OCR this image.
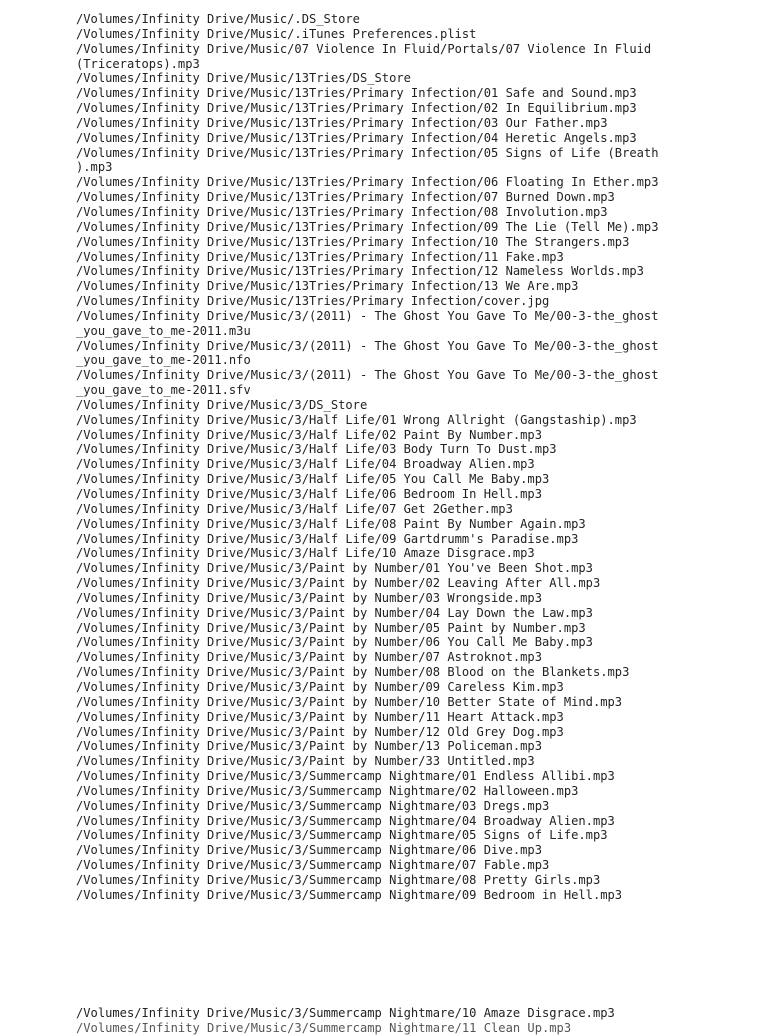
/Volumes/Infinity Drive/Music/.DS_Store
/Volumes/Infinity Drive/Music/.iTunes Preferences.plist
/Volumes/Infinity Drive/Music/07 Violence In Fluid/Portals/07 Violence In Fluid
(Triceratops).mp3
/Volumes/Infinity Drive/Music/13Tries/DS_Store
/Volumes/Infinity Drive/Music/13Tries/Primary Infection/01 Safe and Sound.mp3
/Volumes/Infinity Drive/Music/13Tries/Primary Infection/02 In Equilibrium.mp3
/Volumes/Infinity Drive/Music/13Tries/Primary Infection/03 Our Father.mp3
/Volumes/Infinity Drive/Music/13Tries/Primary Infection/04 Heretic Angels.mp3
/Volumes/Infinity Drive/Music/13Tries/Primary Infection/05 Signs of Life (Breath
).mp3
/Volumes/Infinity Drive/Music/13Tries/Primary Infection/06 Floating In Ether.mp3
/Volumes/Infinity Drive/Music/13Tries/Primary Infection/07 Burned Down.mp3
/Volumes/Infinity Drive/Music/13Tries/Primary Infection/08 Involution.mp3
/Volumes/Infinity Drive/Music/13Tries/Primary Infection/09 The Lie (Tell Me).mp3
/Volumes/Infinity Drive/Music/13Tries/Primary Infection/10 The Strangers.mp3
/Volumes/Infinity Drive/Music/13Tries/Primary Infection/11 Fake.mp3
/Volumes/Infinity Drive/Music/13Tries/Primary Infection/12 Nameless Worlds.mp3
/Volumes/Infinity Drive/Music/13Tries/Primary Infection/13 We Are.mp3
/Volumes/Infinity Drive/Music/13Tries/Primary Infection/cover.jpg
/Volumes/Infinity Drive/Music/3/(2011) - The Ghost You Gave To Me/00-3-the_ghost
_you_gave_to_me-2011.m3u
/Volumes/Infinity Drive/Music/3/(2011) - The Ghost You Gave To Me/00-3-the_ghost
_you_gave_to_me-2011.nfo
/Volumes/Infinity Drive/Music/3/(2011) - The Ghost You Gave To Me/00-3-the_ghost
_you_gave_to_me-2011.sfv
/Volumes/Infinity Drive/Music/3/DS_Store
/Volumes/Infinity Drive/Music/3/Half Life/01 Wrong Allright (Gangstaship).mp3
/Volumes/Infinity Drive/Music/3/Half Life/02 Paint By Number.mp3
/Volumes/Infinity Drive/Music/3/Half Life/03 Body Turn To Dust.mp3
/Volumes/Infinity Drive/Music/3/Half Life/04 Broadway Alien.mp3
/Volumes/Infinity Drive/Music/3/Half Life/05 You Call Me Baby.mp3
/Volumes/Infinity Drive/Music/3/Half Life/06 Bedroom In Hell.mp3
/Volumes/Infinity Drive/Music/3/Half Life/07 Get 2Gether.mp3
/Volumes/Infinity Drive/Music/3/Half Life/08 Paint By Number Again.mp3
/Volumes/Infinity Drive/Music/3/Half Life/09 Gartdrumm's Paradise.mp3
/Volumes/Infinity Drive/Music/3/Half Life/10 Amaze Disgrace.mp3
/Volumes/Infinity Drive/Music/3/Paint by Number/01 You've Been Shot.mp3
/Volumes/Infinity Drive/Music/3/Paint by Number/02 Leaving After All.mp3
/Volumes/Infinity Drive/Music/3/Paint by Number/03 Wrongside.mp3
/Volumes/Infinity Drive/Music/3/Paint by Number/04 Lay Down the Law.mp3
/Volumes/Infinity Drive/Music/3/Paint by Number/05 Paint by Number.mp3
/Volumes/Infinity Drive/Music/3/Paint by Number/06 You Call Me Baby.mp3
/Volumes/Infinity Drive/Music/3/Paint by Number/07 Astroknot.mp3
/Volumes/Infinity Drive/Music/3/Paint by Number/08 Blood on the Blankets.mp3
/Volumes/Infinity Drive/Music/3/Paint by Number/09 Careless Kim.mp3
/Volumes/Infinity Drive/Music/3/Paint by Number/10 Better State of Mind.mp3
/Volumes/Infinity Drive/Music/3/Paint by Number/11 Heart Attack.mp3
/Volumes/Infinity Drive/Music/3/Paint by Number/12 Old Grey Dog.mp3
/Volumes/Infinity Drive/Music/3/Paint by Number/13 Policeman.mp3
/Volumes/Infinity Drive/Music/3/Paint by Number/33 Untitled.mp3
/Volumes/Infinity Drive/Music/3/Summercamp Nightmare/01 Endless Allibi.mp3
/Volumes/Infinity Drive/Music/3/Summercamp Nightmare/02 Halloween.mp3
/Volumes/Infinity Drive/Music/3/Summercamp Nightmare/03 Dregs.mp3
/Volumes/Infinity Drive/Music/3/Summercamp Nightmare/04 Broadway Alien.mp3
/Volumes/Infinity Drive/Music/3/Summercamp Nightmare/05 Signs of Life.mp3
/Volumes/Infinity Drive/Music/3/Summercamp Nightmare/06 Dive.mp3
/Volumes/Infinity Drive/Music/3/Summercamp Nightmare/07 Fable.mp3
/Volumes/Infinity Drive/Music/3/Summercamp Nightmare/08 Pretty Girls.mp3
/Volumes/Infinity Drive/Music/3/Summercamp Nightmare/09 Bedroom in Hell.mp3
/Volumes/Infinity Drive/Music/3/Summercamp Nightmare/10 Amaze Disgrace.mp3
/Volumes/Infinity Drive/Music/3/Summercamp Nightmare/11 Clean Up.mp3
